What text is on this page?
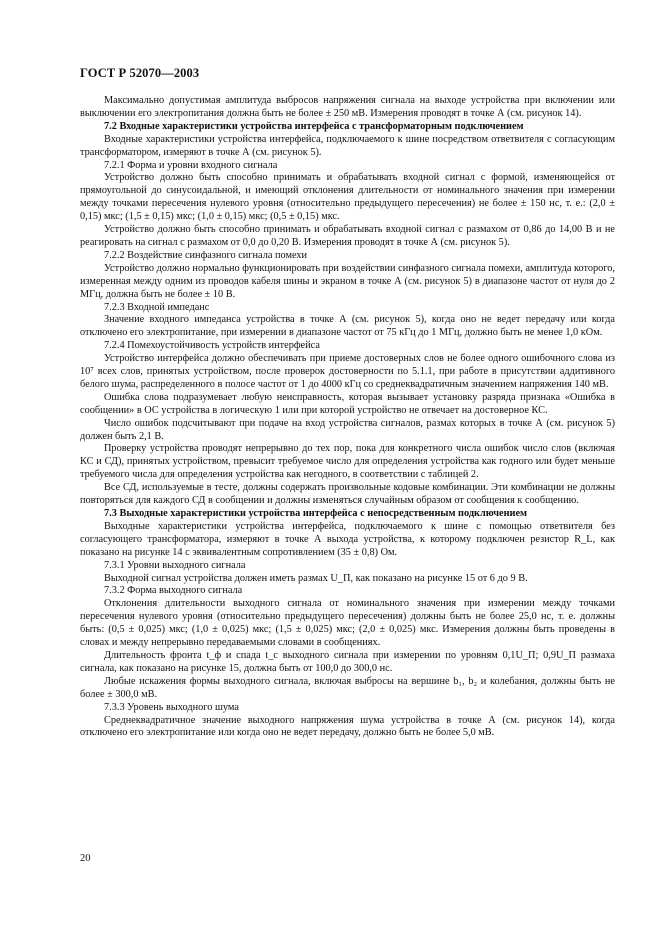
ГОСТ Р 52070—2003

Максимально допустимая амплитуда выбросов напряжения сигнала на выходе устройства при включении или выключении его электропитания должна быть не более ± 250 мВ. Измерения проводят в точке А (см. рисунок 14).

7.2 Входные характеристики устройства интерфейса с трансформаторным подключением

Входные характеристики устройства интерфейса, подключаемого к шине посредством ответвителя с согласующим трансформатором, измеряют в точке А (см. рисунок 5).

7.2.1 Форма и уровни входного сигнала

Устройство должно быть способно принимать и обрабатывать входной сигнал с формой, изменяющейся от прямоугольной до синусоидальной, и имеющий отклонения длительности от номинального значения при измерении между точками пересечения нулевого уровня (относительно предыдущего пересечения) не более ± 150 нс, т. е.: (2,0 ± 0,15) мкс; (1,5 ± 0,15) мкс; (1,0 ± 0,15) мкс; (0,5 ± 0,15) мкс.

Устройство должно быть способно принимать и обрабатывать входной сигнал с размахом от 0,86 до 14,00 В и не реагировать на сигнал с размахом от 0,0 до 0,20 В. Измерения проводят в точке А (см. рисунок 5).

7.2.2 Воздействие синфазного сигнала помехи

Устройство должно нормально функционировать при воздействии синфазного сигнала помехи, амплитуда которого, измеренная между одним из проводов кабеля шины и экраном в точке А (см. рисунок 5) в диапазоне частот от нуля до 2 МГц, должна быть не более ± 10 В.

7.2.3 Входной импеданс

Значение входного импеданса устройства в точке А (см. рисунок 5), когда оно не ведет передачу или когда отключено его электропитание, при измерении в диапазоне частот от 75 кГц до 1 МГц, должно быть не менее 1,0 кОм.

7.2.4 Помехоустойчивость устройств интерфейса

Устройство интерфейса должно обеспечивать при приеме достоверных слов не более одного ошибочного слова из 10⁷ всех слов, принятых устройством, после проверок достоверности по 5.1.1, при работе в присутствии аддитивного белого шума, распределенного в полосе частот от 1 до 4000 кГц со среднеквадратичным значением напряжения 140 мВ.

Ошибка слова подразумевает любую неисправность, которая вызывает установку разряда признака «Ошибка в сообщении» в ОС устройства в логическую 1 или при которой устройство не отвечает на достоверное КС.

Число ошибок подсчитывают при подаче на вход устройства сигналов, размах которых в точке А (см. рисунок 5) должен быть 2,1 В.

Проверку устройства проводят непрерывно до тех пор, пока для конкретного числа ошибок число слов (включая КС и СД), принятых устройством, превысит требуемое число для определения устройства как годного или будет меньше требуемого числа для определения устройства как негодного, в соответствии с таблицей 2.

Все СД, используемые в тесте, должны содержать произвольные кодовые комбинации. Эти комбинации не должны повторяться для каждого СД в сообщении и должны изменяться случайным образом от сообщения к сообщению.

7.3 Выходные характеристики устройства интерфейса с непосредственным подключением

Выходные характеристики устройства интерфейса, подключаемого к шине с помощью ответвителя без согласующего трансформатора, измеряют в точке А выхода устройства, к которому подключен резистор R_L, как показано на рисунке 14 с эквивалентным сопротивлением (35 ± 0,8) Ом.

7.3.1 Уровни выходного сигнала

Выходной сигнал устройства должен иметь размах U_П, как показано на рисунке 15 от 6 до 9 В.

7.3.2 Форма выходного сигнала

Отклонения длительности выходного сигнала от номинального значения при измерении между точками пересечения нулевого уровня (относительно предыдущего пересечения) должны быть не более 25,0 нс, т. е. должны быть: (0,5 ± 0,025) мкс; (1,0 ± 0,025) мкс; (1,5 ± 0,025) мкс; (2,0 ± 0,025) мкс. Измерения должны быть проведены в словах и между непрерывно передаваемыми словами в сообщениях.

Длительность фронта t_ф и спада t_с выходного сигнала при измерении по уровням 0,1U_П; 0,9U_П размаха сигнала, как показано на рисунке 15, должна быть от 100,0 до 300,0 нс.

Любые искажения формы выходного сигнала, включая выбросы на вершине b₁, b₂ и колебания, должны быть не более ± 300,0 мВ.

7.3.3 Уровень выходного шума

Среднеквадратичное значение выходного напряжения шума устройства в точке А (см. рисунок 14), когда отключено его электропитание или когда оно не ведет передачу, должно быть не более 5,0 мВ.

20
